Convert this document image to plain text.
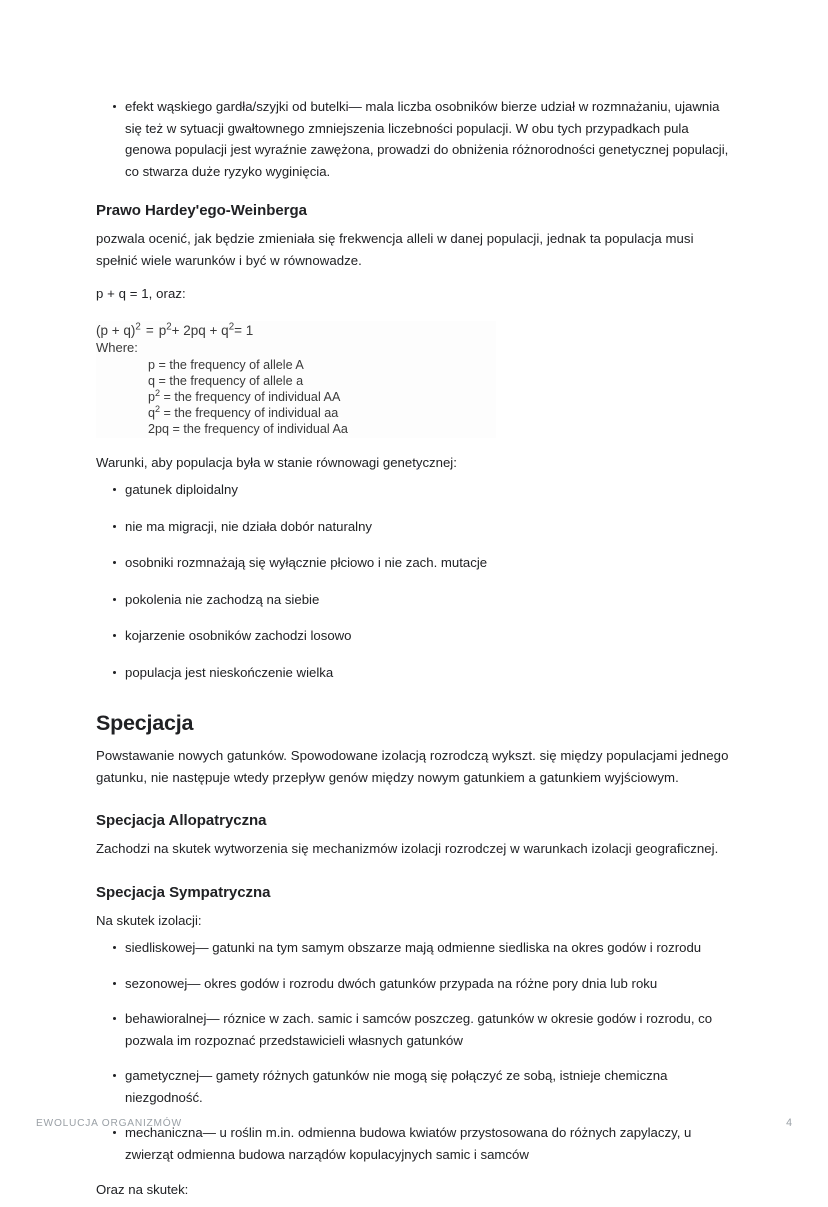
efekt wąskiego gardła/szyjki od butelki— mala liczba osobników bierze udział w rozmnażaniu, ujawnia się też w sytuacji gwałtownego zmniejszenia liczebności populacji. W obu tych przypadkach pula genowa populacji jest wyraźnie zawężona, prowadzi do obniżenia różnorodności genetycznej populacji, co stwarza duże ryzyko wyginięcia.
Prawo Hardey'ego-Weinberga

pozwala ocenić, jak będzie zmieniała się frekwencja alleli w danej populacji, jednak ta populacja musi spełnić wiele warunków i być w równowadze.

p + q = 1, oraz:

$(p + q)^2 = p^2+ 2pq + q^2= 1$
Where:
p = the frequency of allele A
q = the frequency of allele a
$p^2$ = the frequency of individual AA
$q^2$ = the frequency of individual aa
2pq = the frequency of individual Aa

Warunki, aby populacja była w stanie równowagi genetycznej:

gatunek diploidalny
nie ma migracji, nie działa dobór naturalny
osobniki rozmnażają się wyłącznie płciowo i nie zach. mutacje
pokolenia nie zachodzą na siebie
kojarzenie osobników zachodzi losowo
populacja jest nieskończenie wielka
Specjacja

Powstawanie nowych gatunków. Spowodowane izolacją rozrodczą wykszt. się między populacjami jednego gatunku, nie następuje wtedy przepływ genów między nowym gatunkiem a gatunkiem wyjściowym.

Specjacja Allopatryczna

Zachodzi na skutek wytworzenia się mechanizmów izolacji rozrodczej w warunkach izolacji geograficznej.

Specjacja Sympatryczna

Na skutek izolacji:

siedliskowej— gatunki na tym samym obszarze mają odmienne siedliska na okres godów i rozrodu
sezonowej— okres godów i rozrodu dwóch gatunków przypada na różne pory dnia lub roku
behawioralnej— róznice w zach. samic i samców poszczeg. gatunków w okresie godów i rozrodu, co pozwala im rozpoznać przedstawicieli własnych gatunków
gametycznej— gamety różnych gatunków nie mogą się połączyć ze sobą, istnieje chemiczna niezgodność.
mechaniczna— u roślin m.in. odmienna budowa kwiatów przystosowana do różnych zapylaczy, u zwierząt odmienna budowa narządów kopulacyjnych samic i samców

Oraz na skutek:

EWOLUCJA ORGANIZMÓW	4
